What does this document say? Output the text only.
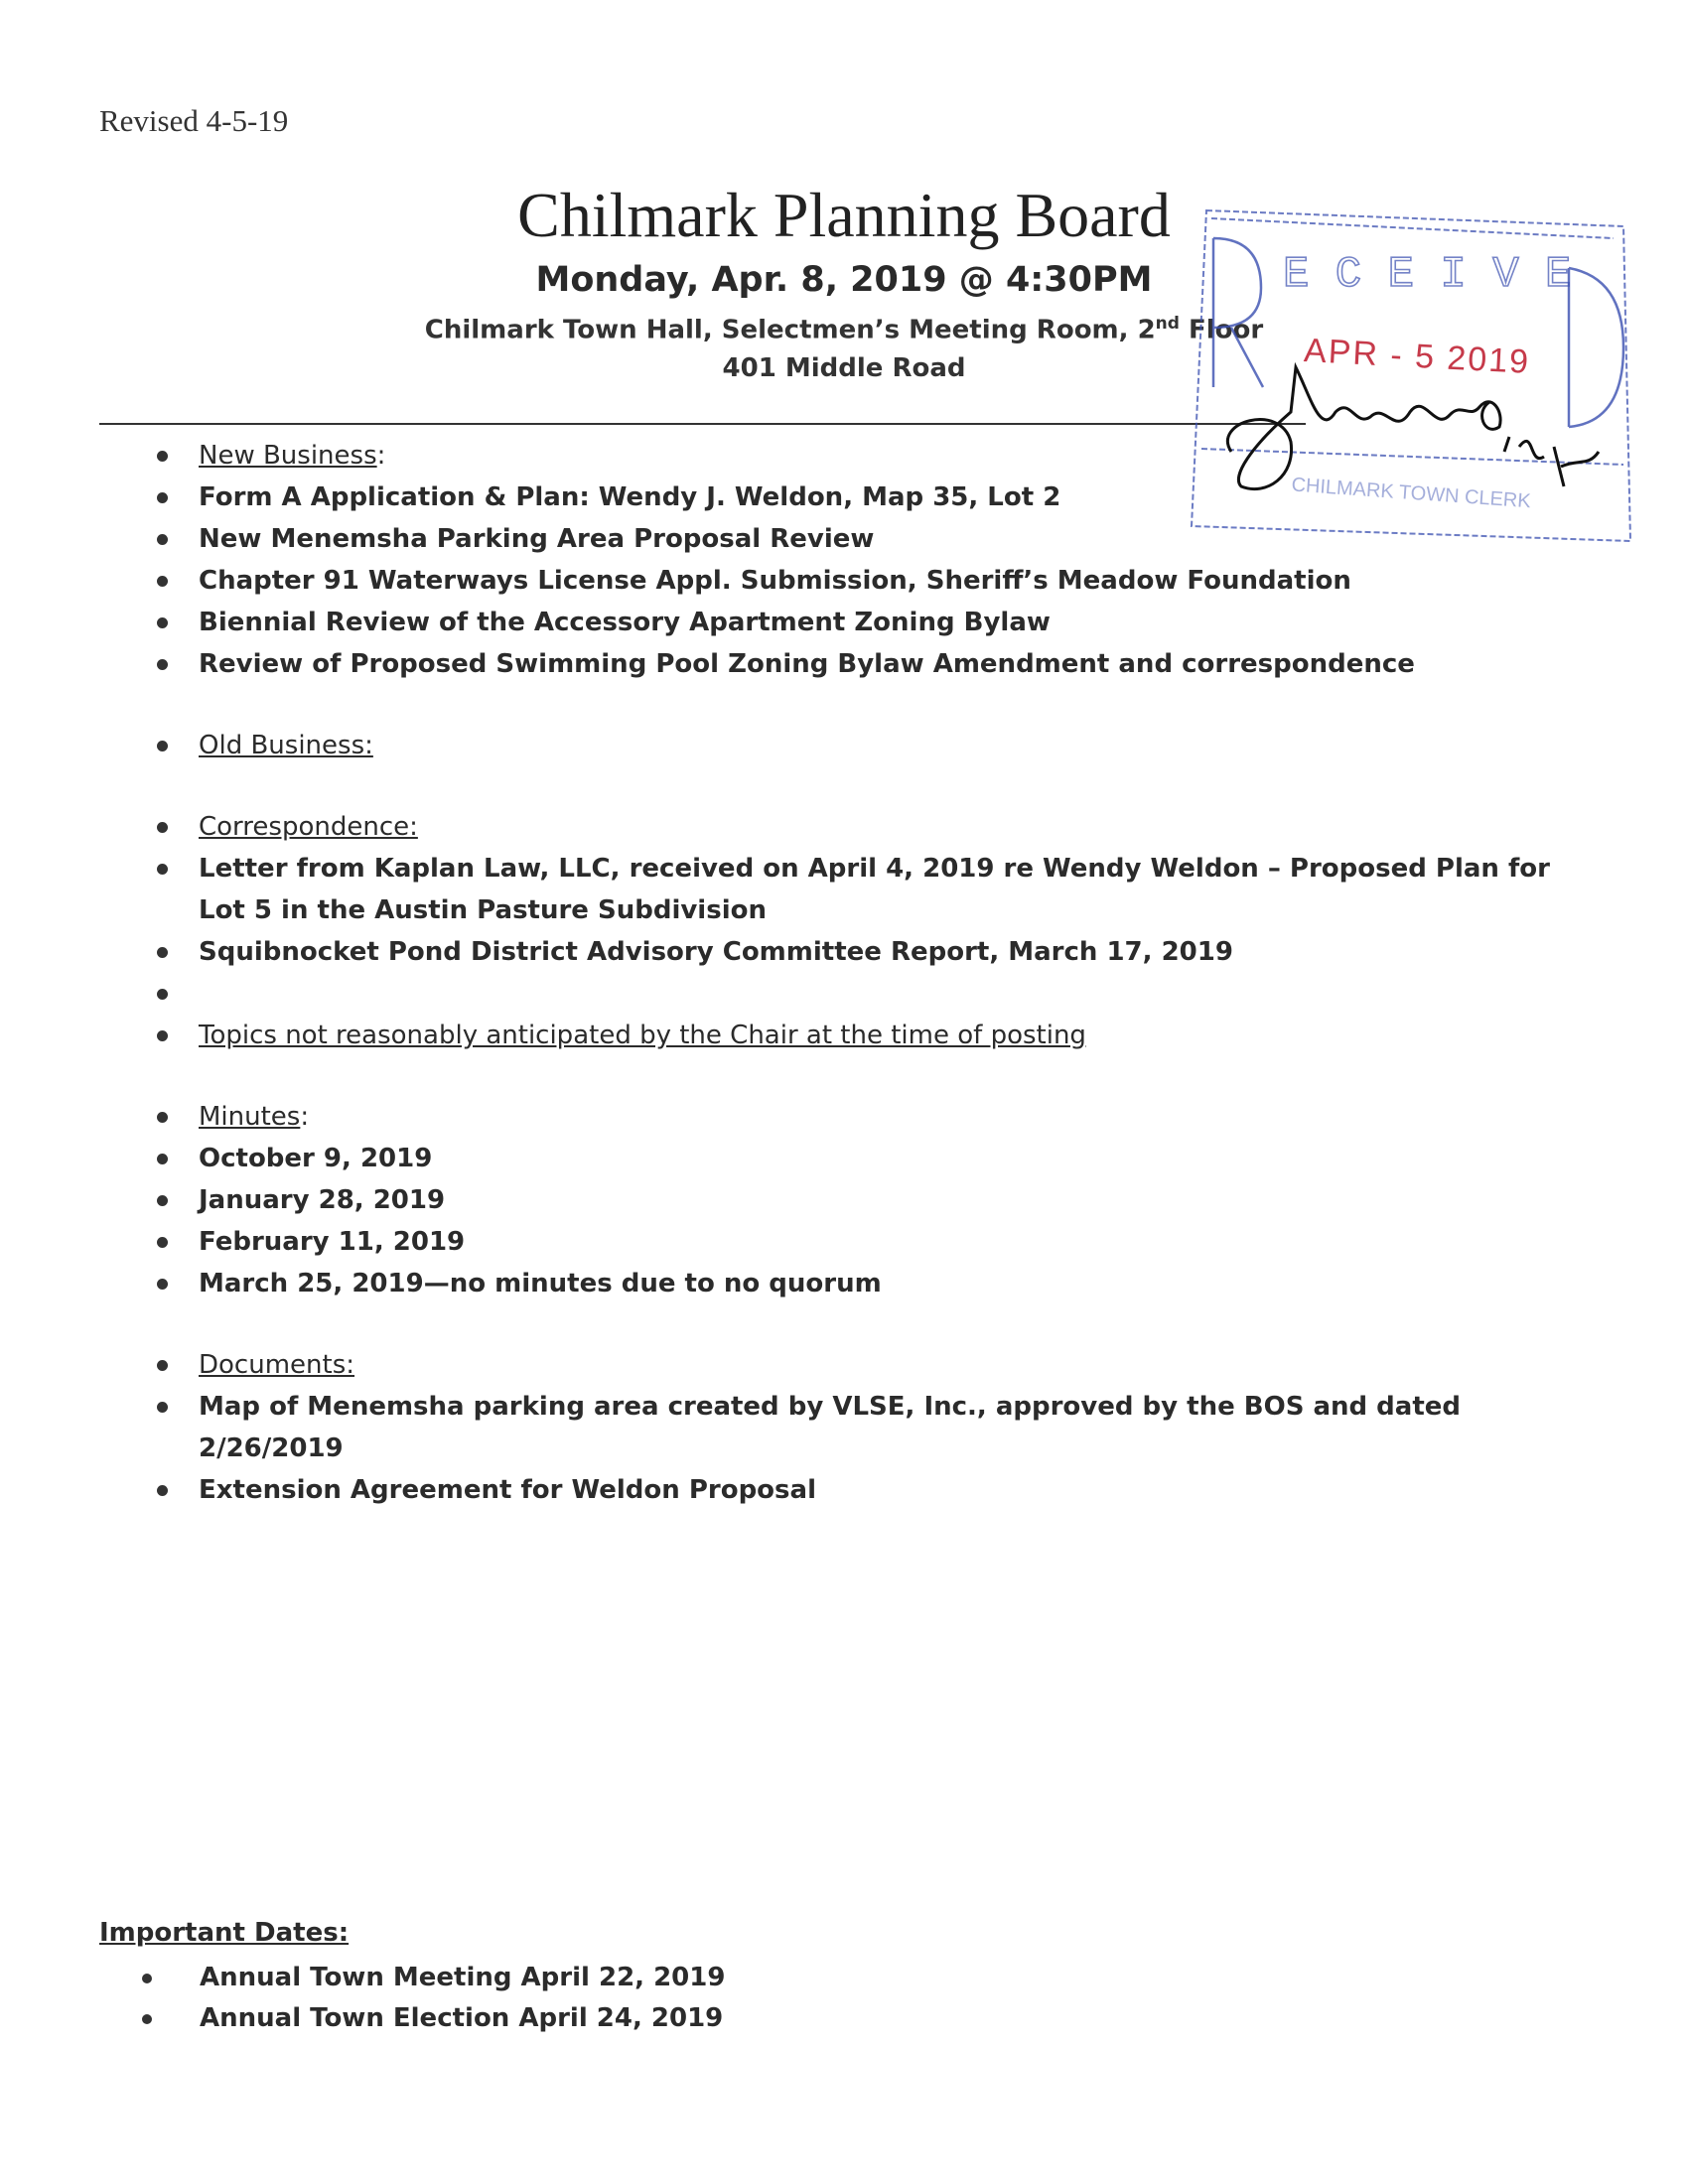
Revised 4-5-19
Chilmark Planning Board
Monday, Apr. 8, 2019 @ 4:30PM
Chilmark Town Hall, Selectmen’s Meeting Room, 2nd Floor
401 Middle Road
New Business:
Form A Application & Plan: Wendy J. Weldon, Map 35, Lot 2
New Menemsha Parking Area Proposal Review
Chapter 91 Waterways License Appl. Submission, Sheriff’s Meadow Foundation
Biennial Review of the Accessory Apartment Zoning Bylaw
Review of Proposed Swimming Pool Zoning Bylaw Amendment and correspondence
Old Business:
Correspondence:
Letter from Kaplan Law, LLC, received on April 4, 2019 re Wendy Weldon – Proposed Plan for Lot 5 in the Austin Pasture Subdivision
Squibnocket Pond District Advisory Committee Report, March 17, 2019

Topics not reasonably anticipated by the Chair at the time of posting
Minutes:
October 9, 2019
January 28, 2019
February 11, 2019
March 25, 2019—no minutes due to no quorum
Documents:
Map of Menemsha parking area created by VLSE, Inc., approved by the BOS and dated 2/26/2019
Extension Agreement for Weldon Proposal
Important Dates:
Annual Town Meeting April 22, 2019
Annual Town Election April 24, 2019
E C E I V E
CHILMARK TOWN CLERK
APR - 5 2019
